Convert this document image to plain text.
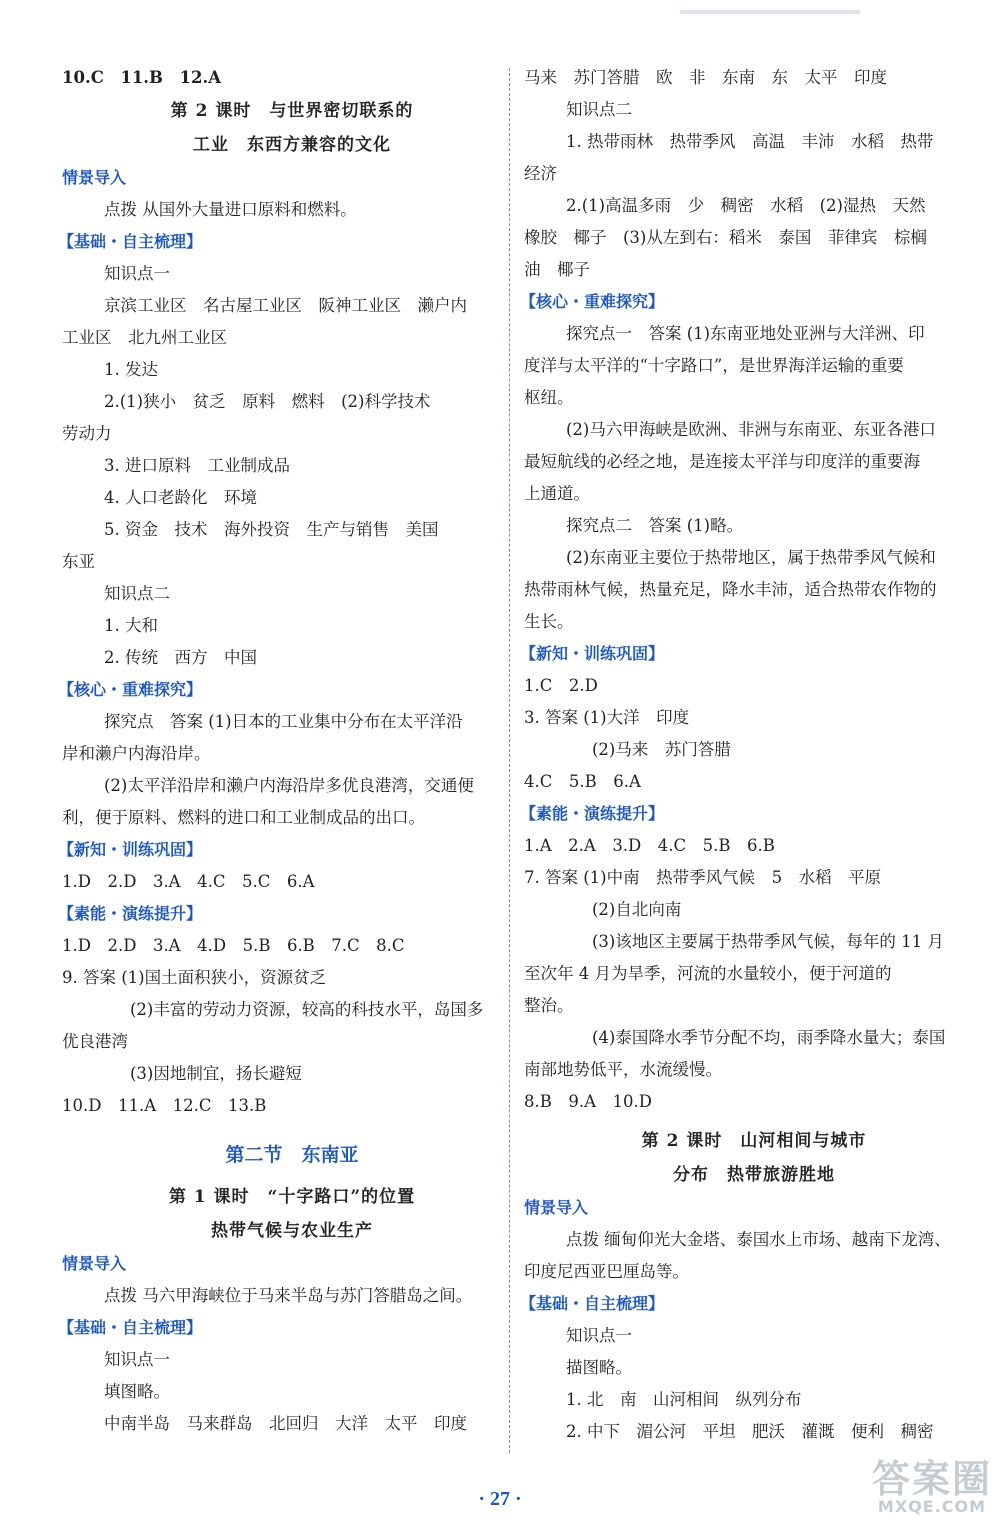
10.C　11.B　12.A

第 2 课时　与世界密切联系的
工业　东西方兼容的文化
情景导入

点拨 从国外大量进口原料和燃料。

【基础・自主梳理】

知识点一

京滨工业区　名古屋工业区　阪神工业区　濑户内

工业区　北九州工业区

1. 发达

2.(1)狭小　贫乏　原料　燃料　(2)科学技术

劳动力

3. 进口原料　工业制成品

4. 人口老龄化　环境

5. 资金　技术　海外投资　生产与销售　美国

东亚

知识点二

1. 大和

2. 传统　西方　中国

【核心・重难探究】

探究点　答案 (1)日本的工业集中分布在太平洋沿

岸和濑户内海沿岸。

(2)太平洋沿岸和濑户内海沿岸多优良港湾，交通便

利，便于原料、燃料的进口和工业制成品的出口。

【新知・训练巩固】

1.D　2.D　3.A　4.C　5.C　6.A

【素能・演练提升】

1.D　2.D　3.A　4.D　5.B　6.B　7.C　8.C

9. 答案 (1)国土面积狭小，资源贫乏

(2)丰富的劳动力资源，较高的科技水平，岛国多

优良港湾

(3)因地制宜，扬长避短

10.D　11.A　12.C　13.B

第二节　东南亚
第 1 课时　“十字路口”的位置
热带气候与农业生产
情景导入

点拨 马六甲海峡位于马来半岛与苏门答腊岛之间。

【基础・自主梳理】

知识点一

填图略。

中南半岛　马来群岛　北回归　大洋　太平　印度

马来　苏门答腊　欧　非　东南　东　太平　印度

知识点二

1. 热带雨林　热带季风　高温　丰沛　水稻　热带

经济

2.(1)高温多雨　少　稠密　水稻　(2)湿热　天然

橡胶　椰子　(3)从左到右：稻米　泰国　菲律宾　棕榈

油　椰子

【核心・重难探究】

探究点一　答案 (1)东南亚地处亚洲与大洋洲、印

度洋与太平洋的“十字路口”，是世界海洋运输的重要

枢纽。

(2)马六甲海峡是欧洲、非洲与东南亚、东亚各港口

最短航线的必经之地，是连接太平洋与印度洋的重要海

上通道。

探究点二　答案 (1)略。

(2)东南亚主要位于热带地区，属于热带季风气候和

热带雨林气候，热量充足，降水丰沛，适合热带农作物的

生长。

【新知・训练巩固】

1.C　2.D

3. 答案 (1)大洋　印度

(2)马来　苏门答腊

4.C　5.B　6.A

【素能・演练提升】

1.A　2.A　3.D　4.C　5.B　6.B

7. 答案 (1)中南　热带季风气候　5　水稻　平原

(2)自北向南

(3)该地区主要属于热带季风气候，每年的 11 月

至次年 4 月为旱季，河流的水量较小，便于河道的

整治。

(4)泰国降水季节分配不均，雨季降水量大；泰国

南部地势低平，水流缓慢。

8.B　9.A　10.D

第 2 课时　山河相间与城市
分布　热带旅游胜地
情景导入

点拨 缅甸仰光大金塔、泰国水上市场、越南下龙湾、

印度尼西亚巴厘岛等。

【基础・自主梳理】

知识点一

描图略。

1. 北　南　山河相间　纵列分布

2. 中下　湄公河　平坦　肥沃　灌溉　便利　稠密

· 27 ·	答案圈
MXQE.COM
